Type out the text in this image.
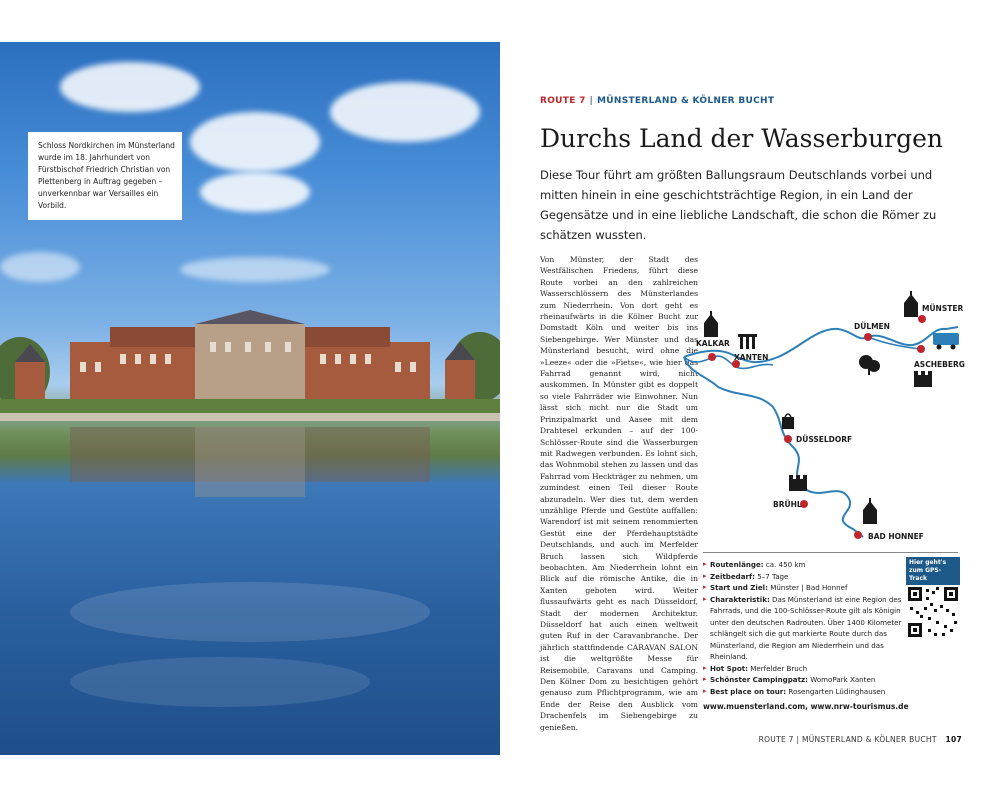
Schloss Nordkirchen im Münsterland wurde im 18. Jahrhundert von Fürstbischof Friedrich Christian von Plettenberg in Auftrag gegeben – unverkennbar war Versailles ein Vorbild.
ROUTE 7 | MÜNSTERLAND & KÖLNER BUCHT
Durchs Land der Wasserburgen
Diese Tour führt am größten Ballungsraum Deutschlands vorbei und mitten hinein in eine geschichtsträchtige Region, in ein Land der Gegensätze und in eine liebliche Landschaft, die schon die Römer zu schätzen wussten.
Von Münster, der Stadt des Westfälischen Friedens, führt diese Route vorbei an den zahlreichen Wasserschlössern des Münsterlandes zum Niederrhein. Von dort geht es rheinaufwärts in die Kölner Bucht zur Domstadt Köln und weiter bis ins Siebengebirge. Wer Münster und das Münsterland besucht, wird ohne die »Leeze« oder die »Fietse«, wie hier das Fahrrad genannt wird, nicht auskommen. In Münster gibt es doppelt so viele Fahrräder wie Einwohner. Nun lässt sich nicht nur die Stadt um Prinzipalmarkt und Aasee mit dem Drahtesel erkunden – auf der 100-Schlösser-Route sind die Wasserburgen mit Radwegen verbunden. Es lohnt sich, das Wohnmobil stehen zu lassen und das Fahrrad vom Heckträger zu nehmen, um zumindest einen Teil dieser Route abzuradeln. Wer dies tut, dem werden unzählige Pferde und Gestüte auffallen: Warendorf ist mit seinem renommierten Gestüt eine der Pferdehauptstädte Deutschlands, und auch im Merfelder Bruch lassen sich Wildpferde beobachten. Am Niederrhein lohnt ein Blick auf die römische Antike, die in Xanten geboten wird. Weiter flussaufwärts geht es nach Düsseldorf, Stadt der modernen Architektur. Düsseldorf hat auch einen weltweit guten Ruf in der Caravanbranche. Der jährlich stattfindende CARAVAN SALON ist die weltgrößte Messe für Reisemobile, Caravans und Camping. Den Kölner Dom zu besichtigen gehört genauso zum Pflichtprogramm, wie am Ende der Reise den Ausblick vom Drachenfels im Siebengebirge zu genießen.
MÜNSTER
KALKAR
XANTEN
DÜLMEN
ASCHEBERG
DÜSSELDORF
BRÜHL
BAD HONNEF
▸ Routenlänge: ca. 450 km
▸ Zeitbedarf: 5–7 Tage
▸ Start und Ziel: Münster | Bad Honnef
▸ Charakteristik: Das Münsterland ist eine Region des Fahrrads, und die 100-Schlösser-Route gilt als Königin unter den deutschen Radrouten. Über 1400 Kilometer schlängelt sich die gut markierte Route durch das Münsterland, die Region am Niederrhein und das Rheinland.
▸ Hot Spot: Merfelder Bruch
▸ Schönster Campingpatz: WomoPark Xanten
▸ Best place on tour: Rosengarten Lüdinghausen
Hier geht's zum GPS-Track
www.muensterland.com, www.nrw-tourismus.de
ROUTE 7 | MÜNSTERLAND & KÖLNER BUCHT 107
